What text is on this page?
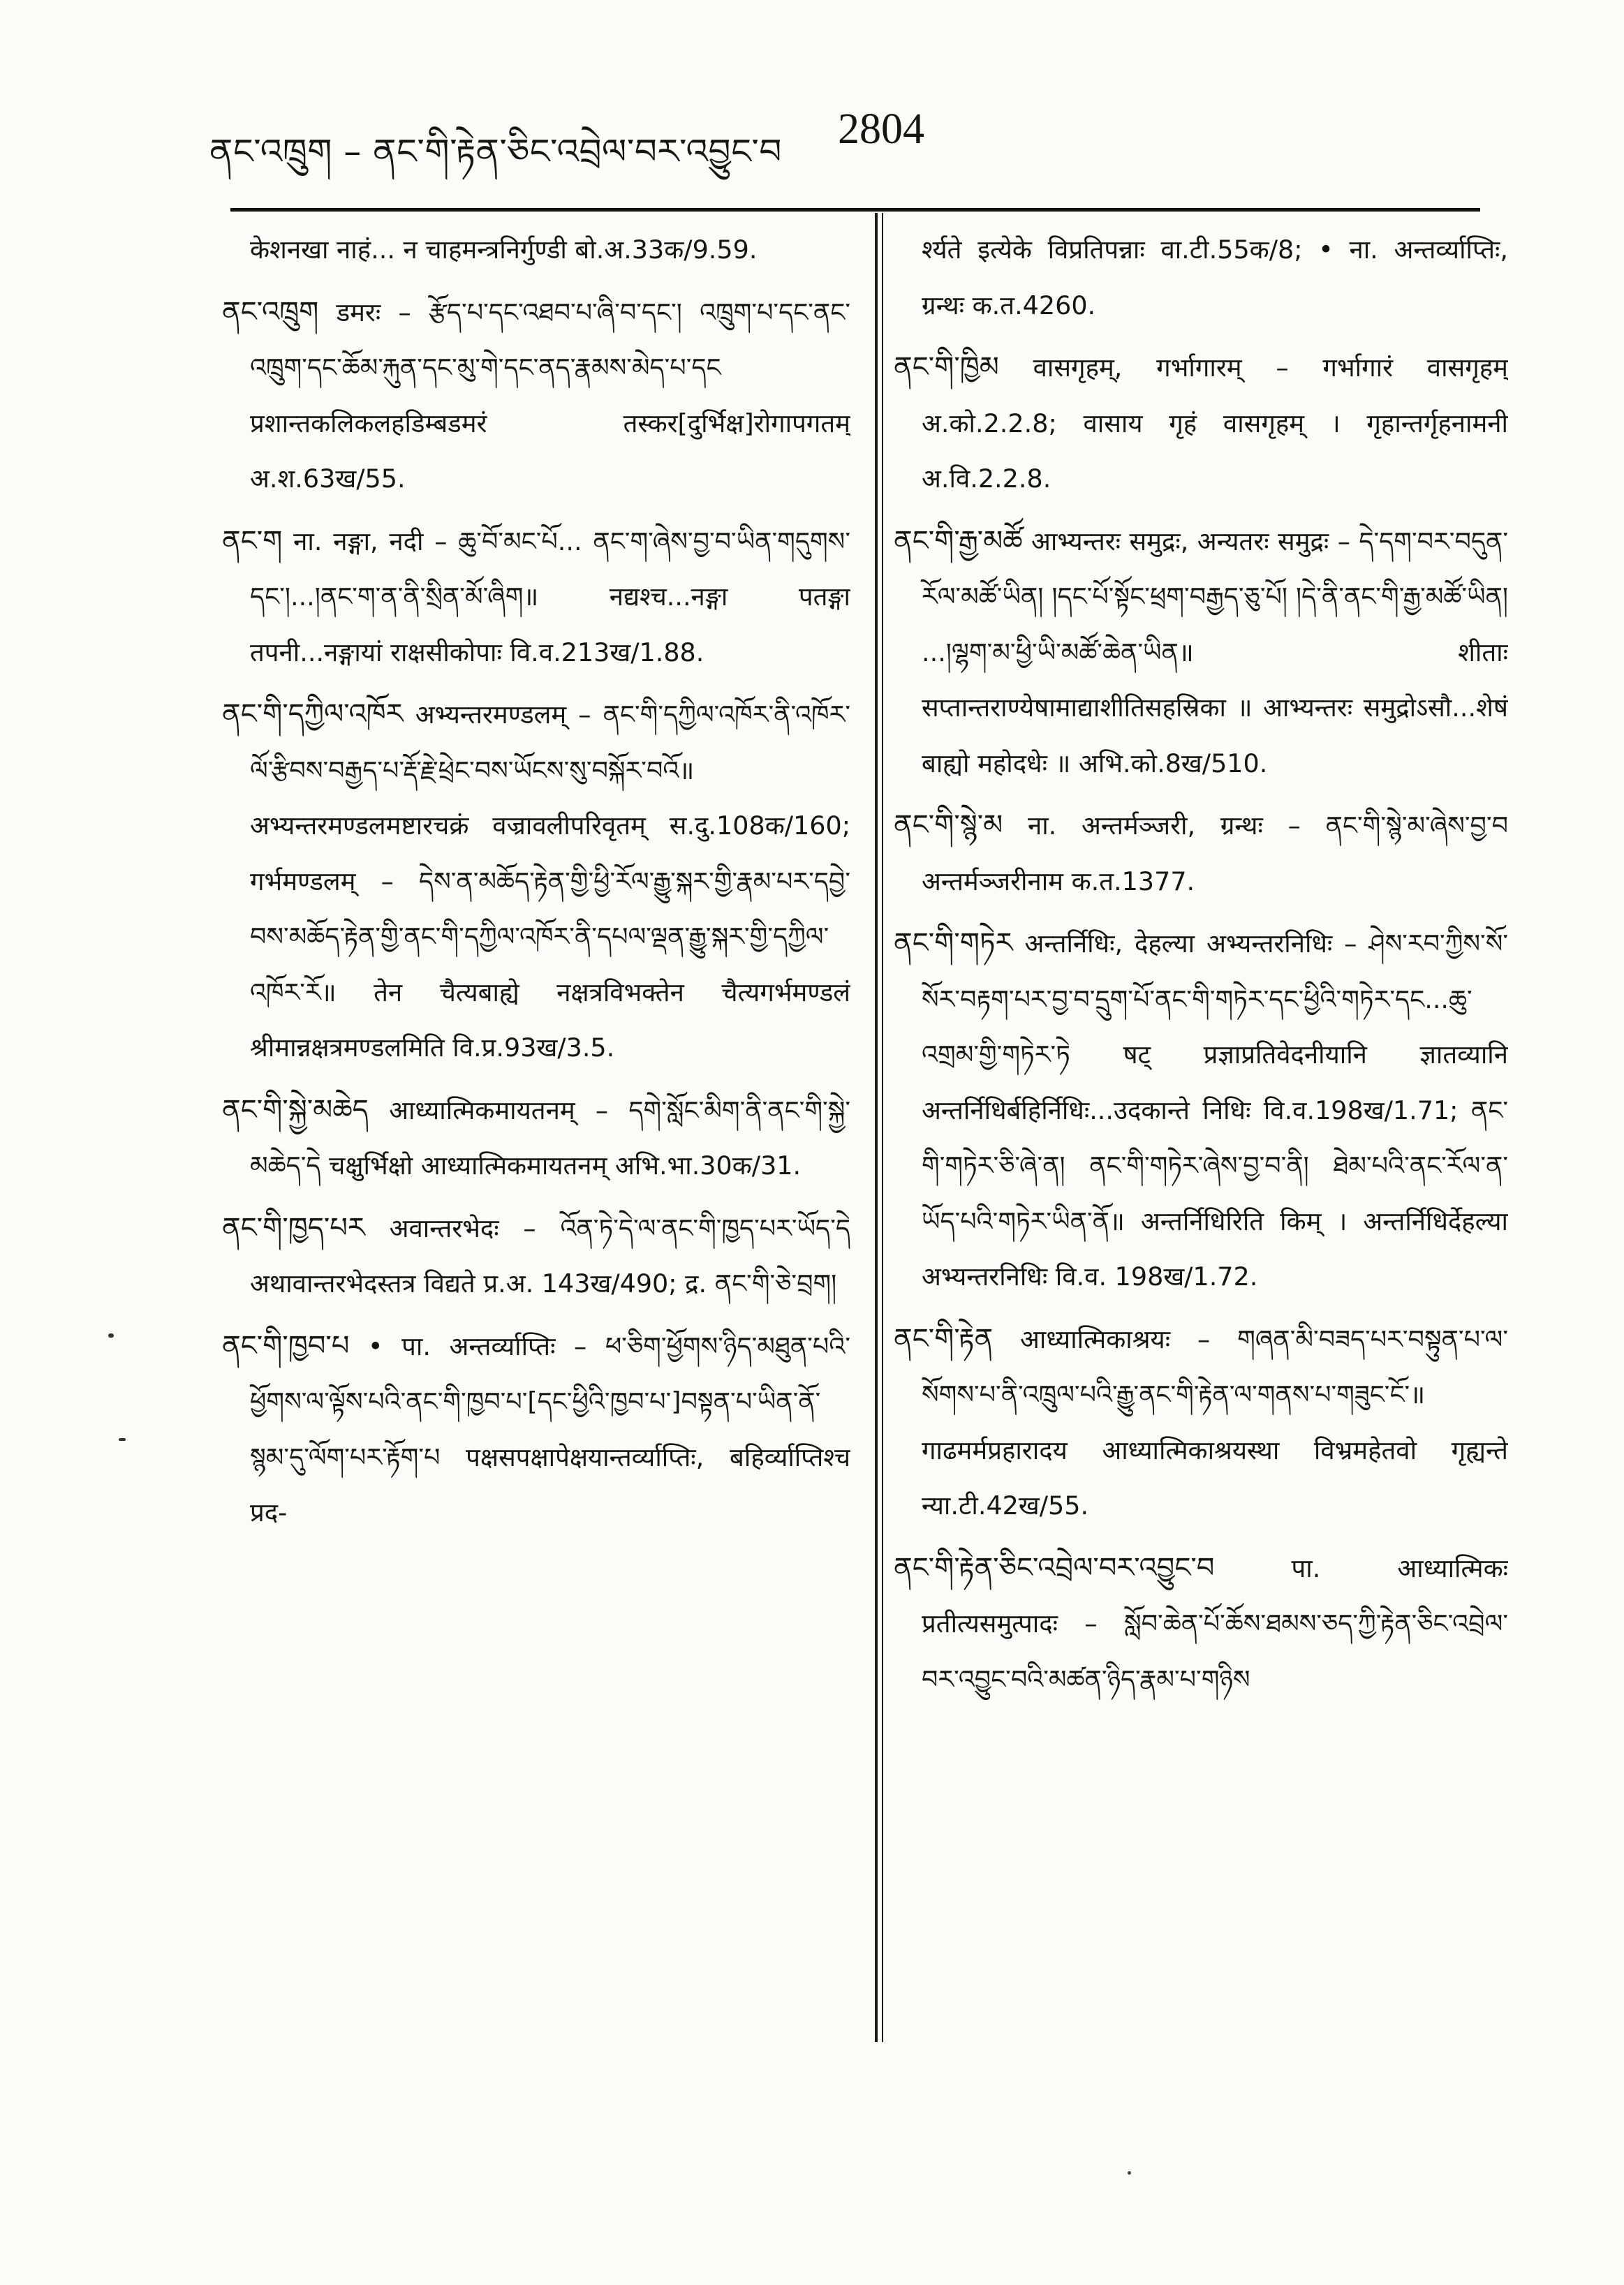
ནང་འཁྲུག – ནང་གི་རྟེན་ཅིང་འབྲེལ་བར་འབྱུང་བ 2804

केशनखा नाहं... न चाहमन्त्रनिर्गुण्डी बो.अ.33क/9.59.

ནང་འཁྲུག डमरः – རྩོད་པ་དང་འཐབ་པ་ཞི་བ་དང་། འཁྲུག་པ་དང་ནང་འཁྲུག་དང་ཆོམ་རྐུན་དང་མུ་གེ་དང་ནད་རྣམས་མེད་པ་དང प्रशान्तकलिकलहडिम्बडमरं तस्कर[दुर्भिक्ष]रोगापगतम् अ.श.63ख/55.

ནང་ག ना. नङ्गा, नदी – ཆུ་བོ་མང་པོ... ནང་ག་ཞེས་བྱ་བ་ཡིན་གདུགས་དང་།...།ནང་ག་ན་ནི་སྲིན་མོ་ཞིག॥ नद्यश्च...नङ्गा पतङ्गा तपनी...नङ्गायां राक्षसीकोपाः वि.व.213ख/1.88.

ནང་གི་དཀྱིལ་འཁོར अभ्यन्तरमण्डलम् – ནང་གི་དཀྱིལ་འཁོར་ནི་འཁོར་ལོ་རྩིབས་བརྒྱད་པ་རྡོ་རྗེ་ཕྲེང་བས་ཡོངས་སུ་བསྐོར་བའོ॥ अभ्यन्तरमण्डलमष्टारचक्रं वज्रावलीपरिवृतम् स.दु.108क/160; गर्भमण्डलम् – དེས་ན་མཆོད་རྟེན་གྱི་ཕྱི་རོལ་རྒྱུ་སྐར་གྱི་རྣམ་པར་དབྱེ་བས་མཆོད་རྟེན་གྱི་ནང་གི་དཀྱིལ་འཁོར་ནི་དཔལ་ལྡན་རྒྱུ་སྐར་གྱི་དཀྱིལ་འཁོར་རོ॥ तेन चैत्यबाह्ये नक्षत्रविभक्तेन चैत्यगर्भमण्डलं श्रीमान्नक्षत्रमण्डलमिति वि.प्र.93ख/3.5.

ནང་གི་སྐྱེ་མཆེད आध्यात्मिकमायतनम् – དགེ་སློང་མིག་ནི་ནང་གི་སྐྱེ་མཆེད་དེ चक्षुर्भिक्षो आध्यात्मिकमायतनम् अभि.भा.30क/31.

ནང་གི་ཁྱད་པར अवान्तरभेदः – འོན་ཏེ་དེ་ལ་ནང་གི་ཁྱད་པར་ཡོད་དེ अथावान्तरभेदस्तत्र विद्यते प्र.अ. 143ख/490; द्र. ནང་གི་ཅེ་བྲག།

ནང་གི་ཁྱབ་པ • पा. अन्तर्व्याप्तिः – ཕ་ཅིག་ཕྱོགས་ཉིད་མཐུན་པའི་ཕྱོགས་ལ་ལྟོས་པའི་ནང་གི་ཁྱབ་པ་[དང་ཕྱིའི་ཁྱབ་པ་]བསྟན་པ་ཡིན་ནོ་སྙམ་དུ་ལོག་པར་རྟོག་པ पक्षसपक्षापेक्षयान्तर्व्याप्तिः, बहिर्व्याप्तिश्च प्रद-

र्श्यते इत्येके विप्रतिपन्नाः वा.टी.55क/8; • ना. अन्तर्व्याप्तिः, ग्रन्थः क.त.4260.

ནང་གི་ཁྱིམ वासगृहम्, गर्भागारम् – गर्भागारं वासगृहम् अ.को.2.2.8; वासाय गृहं वासगृहम् । गृहान्तर्गृहनामनी अ.वि.2.2.8.

ནང་གི་རྒྱ་མཚོ आभ्यन्तरः समुद्रः, अन्यतरः समुद्रः – དེ་དག་བར་བདུན་རོལ་མཚོ་ཡིན། །དང་པོ་སྟོང་ཕྲག་བརྒྱད་ཅུ་པོ། །དེ་ནི་ནང་གི་རྒྱ་མཚོ་ཡིན། ...།ལྷག་མ་ཕྱི་ཡི་མཚོ་ཆེན་ཡིན॥ शीताः सप्तान्तराण्येषामाद्याशीतिसहस्रिका ॥ आभ्यन्तरः समुद्रोऽसौ...शेषं बाह्यो महोदधेः ॥ अभि.को.8ख/510.

ནང་གི་སྙེ་མ ना. अन्तर्मञ्जरी, ग्रन्थः – ནང་གི་སྙེ་མ་ཞེས་བྱ་བ अन्तर्मञ्जरीनाम क.त.1377.

ནང་གི་གཏེར अन्तर्निधिः, देहल्या अभ्यन्तरनिधिः – ཤེས་རབ་ཀྱིས་སོ་སོར་བརྟག་པར་བྱ་བ་དྲུག་པོ་ནང་གི་གཏེར་དང་ཕྱིའི་གཏེར་དང...ཆུ་འགྲམ་གྱི་གཏེར་ཏེ षट् प्रज्ञाप्रतिवेदनीयानि ज्ञातव्यानि अन्तर्निधिर्बहिर्निधिः...उदकान्ते निधिः वि.व.198ख/1.71; ནང་གི་གཏེར་ཅི་ཞེ་ན། ནང་གི་གཏེར་ཞེས་བྱ་བ་ནི། ཐེམ་པའི་ནང་རོལ་ན་ཡོད་པའི་གཏེར་ཡིན་ནོ॥ अन्तर्निधिरिति किम् । अन्तर्निधिर्देहल्या अभ्यन्तरनिधिः वि.व. 198ख/1.72.

ནང་གི་རྟེན आध्यात्मिकाश्रयः – གཞན་མི་བཟད་པར་བསྟུན་པ་ལ་སོགས་པ་ནི་འཁྲུལ་པའི་རྒྱུ་ནང་གི་རྟེན་ལ་གནས་པ་གཟུང་ངོ་॥ गाढमर्मप्रहारादय आध्यात्मिकाश्रयस्था विभ्रमहेतवो गृह्यन्ते न्या.टी.42ख/55.

ནང་གི་རྟེན་ཅིང་འབྲེལ་བར་འབྱུང་བ पा. आध्यात्मिकः प्रतीत्यसमुत्पादः – སློབ་ཆེན་པོ་ཆོས་ཐམས་ཅད་ཀྱི་རྟེན་ཅིང་འབྲེལ་བར་འབྱུང་བའི་མཚན་ཉིད་རྣམ་པ་གཉིས
